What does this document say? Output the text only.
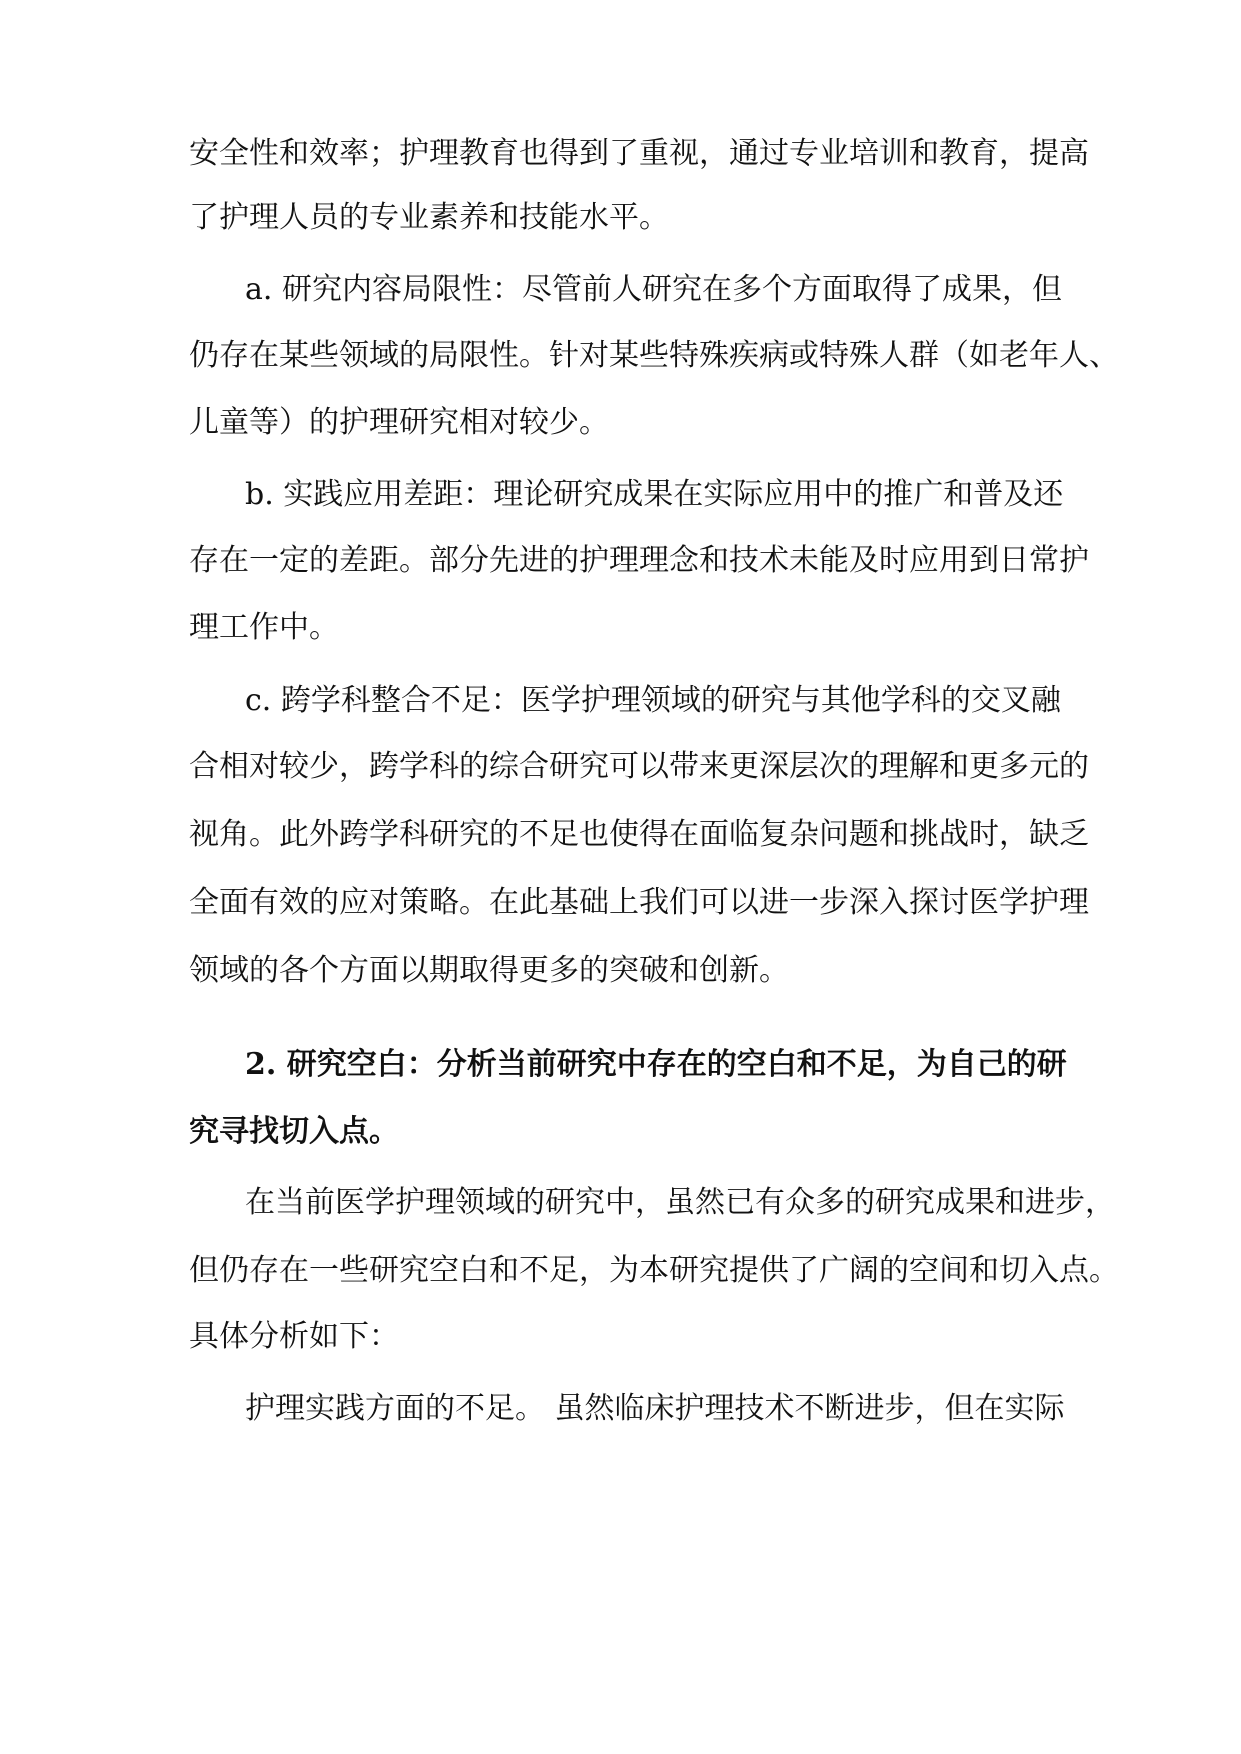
安全性和效率；护理教育也得到了重视，通过专业培训和教育，提高
了护理人员的专业素养和技能水平。
a. 研究内容局限性：尽管前人研究在多个方面取得了成果，但
仍存在某些领域的局限性。针对某些特殊疾病或特殊人群（如老年人、
儿童等）的护理研究相对较少。
b. 实践应用差距：理论研究成果在实际应用中的推广和普及还
存在一定的差距。部分先进的护理理念和技术未能及时应用到日常护
理工作中。
c. 跨学科整合不足：医学护理领域的研究与其他学科的交叉融
合相对较少，跨学科的综合研究可以带来更深层次的理解和更多元的
视角。此外跨学科研究的不足也使得在面临复杂问题和挑战时，缺乏
全面有效的应对策略。在此基础上我们可以进一步深入探讨医学护理
领域的各个方面以期取得更多的突破和创新。
2. 研究空白：分析当前研究中存在的空白和不足，为自己的研
究寻找切入点。
在当前医学护理领域的研究中，虽然已有众多的研究成果和进步，
但仍存在一些研究空白和不足，为本研究提供了广阔的空间和切入点。
具体分析如下：
护理实践方面的不足。 虽然临床护理技术不断进步，但在实际
